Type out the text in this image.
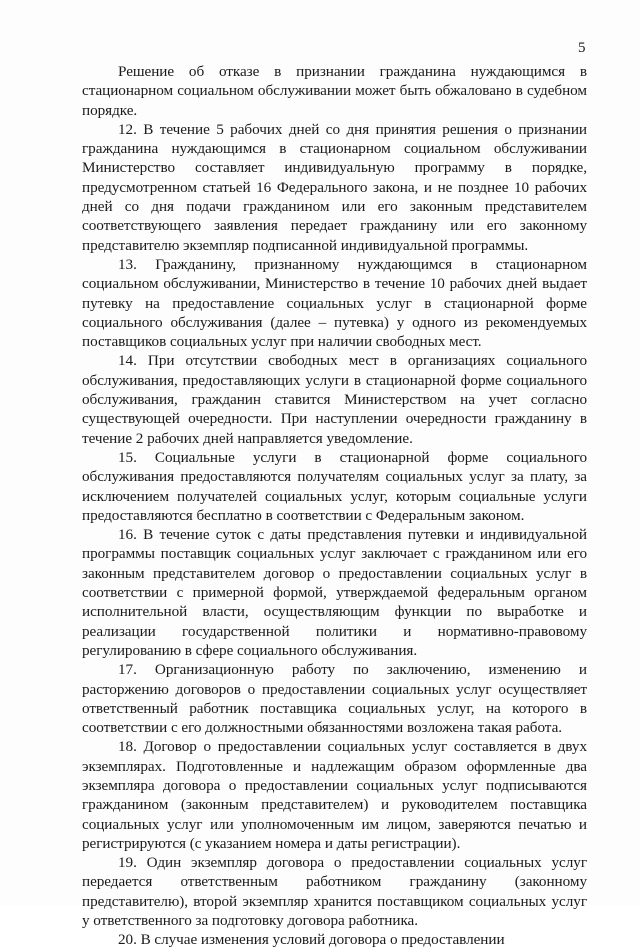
5

Решение об отказе в признании гражданина нуждающимся в стационарном социальном обслуживании может быть обжаловано в судебном порядке.

12. В течение 5 рабочих дней со дня принятия решения о признании гражданина нуждающимся в стационарном социальном обслуживании Министерство составляет индивидуальную программу в порядке, предусмотренном статьей 16 Федерального закона, и не позднее 10 рабочих дней со дня подачи гражданином или его законным представителем соответствующего заявления передает гражданину или его законному представителю экземпляр подписанной индивидуальной программы.

13. Гражданину, признанному нуждающимся в стационарном социальном обслуживании, Министерство в течение 10 рабочих дней выдает путевку на предоставление социальных услуг в стационарной форме социального обслуживания (далее – путевка) у одного из рекомендуемых поставщиков социальных услуг при наличии свободных мест.

14. При отсутствии свободных мест в организациях социального обслуживания, предоставляющих услуги в стационарной форме социального обслуживания, гражданин ставится Министерством на учет согласно существующей очередности. При наступлении очередности гражданину в течение 2 рабочих дней направляется уведомление.

15. Социальные услуги в стационарной форме социального обслуживания предоставляются получателям социальных услуг за плату, за исключением получателей социальных услуг, которым социальные услуги предоставляются бесплатно в соответствии с Федеральным законом.

16. В течение суток с даты представления путевки и индивидуальной программы поставщик социальных услуг заключает с гражданином или его законным представителем договор о предоставлении социальных услуг в соответствии с примерной формой, утверждаемой федеральным органом исполнительной власти, осуществляющим функции по выработке и реализации государственной политики и нормативно-правовому регулированию в сфере социального обслуживания.

17. Организационную работу по заключению, изменению и расторжению договоров о предоставлении социальных услуг осуществляет ответственный работник поставщика социальных услуг, на которого в соответствии с его должностными обязанностями возложена такая работа.

18. Договор о предоставлении социальных услуг составляется в двух экземплярах. Подготовленные и надлежащим образом оформленные два экземпляра договора о предоставлении социальных услуг подписываются гражданином (законным представителем) и руководителем поставщика социальных услуг или уполномоченным им лицом, заверяются печатью и регистрируются (с указанием номера и даты регистрации).

19. Один экземпляр договора о предоставлении социальных услуг передается ответственным работником гражданину (законному представителю), второй экземпляр хранится поставщиком социальных услуг у ответственного за подготовку договора работника.

20. В случае изменения условий договора о предоставлении
